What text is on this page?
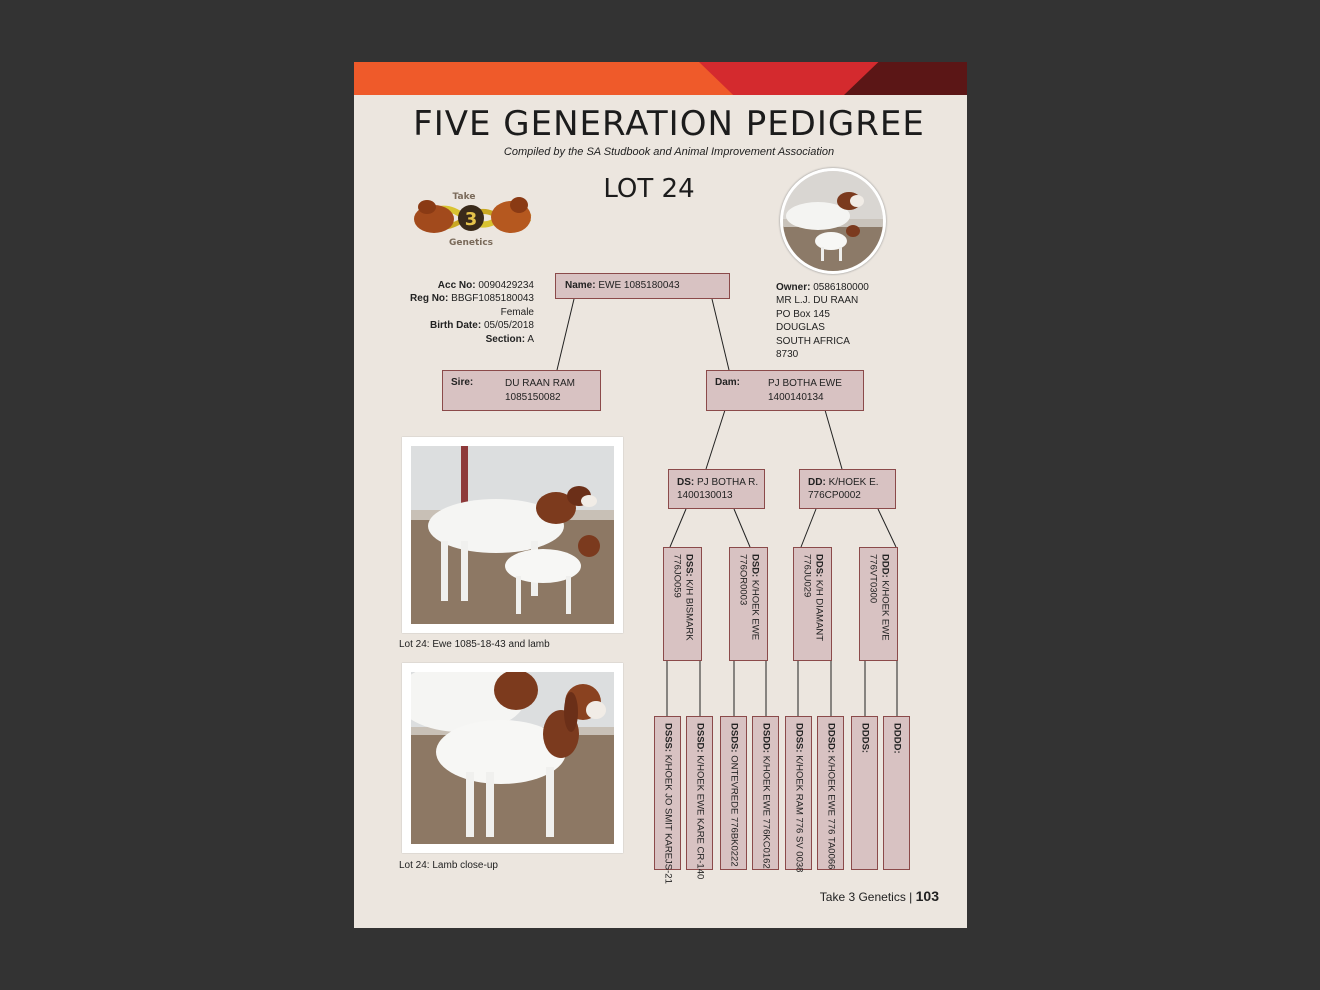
FIVE GENERATION PEDIGREE
Compiled by the SA Studbook and Animal Improvement Association
LOT 24
3
Take
Genetics
Acc No: 0090429234
Reg No: BBGF1085180043
Female
Birth Date: 05/05/2018
Section: A
Owner: 0586180000
MR L.J. DU RAAN
PO Box 145
DOUGLAS
SOUTH AFRICA
8730
Name: EWE 1085180043
Sire:	DU RAAN RAM
1085150082
Dam:	PJ BOTHA EWE
1400140134
DS: PJ BOTHA R.
1400130013
DD: K/HOEK E.
776CP0002
DSS: K/H BISMARK
776JO059	DSD: K/HOEK EWE
776OR0003	DDS: K/H DIAMANT
776JU029	DDD: K/HOEK EWE
776VT0300
DSSS: K/HOEK JO SMIT KAREJS-21
DSSD: K/HOEK EWE KARE CR-140
DSDS: ONTEVREDE 776BK0222
DSDD: K/HOEK EWE 776KC0162
DDSS: K/HOEK RAM 776 SV 0038
DDSD: K/HOEK EWE 776 TA0066
DDDS: DDDD:
Lot 24: Ewe 1085-18-43 and lamb
Lot 24: Lamb close-up
Take 3 Genetics | 103
